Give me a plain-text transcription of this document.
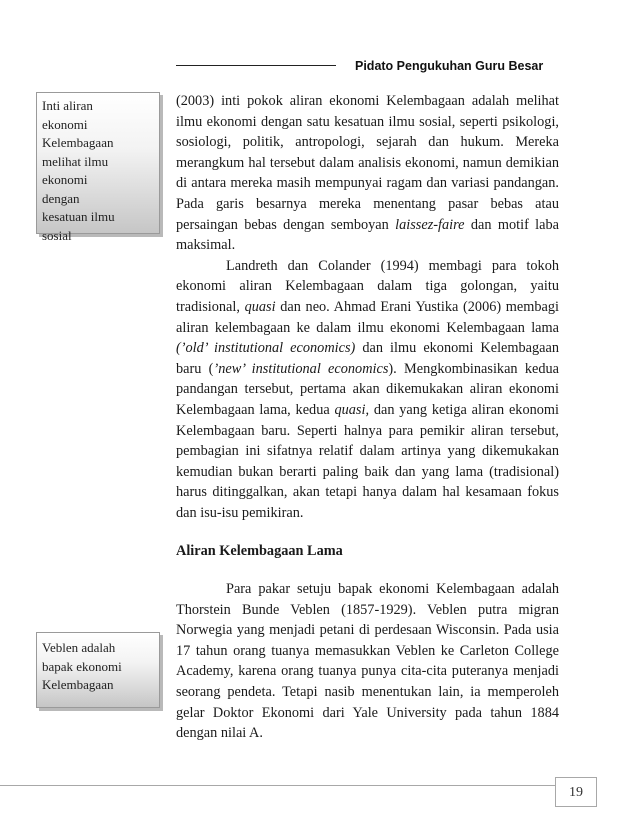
Pidato Pengukuhan Guru Besar
Inti aliran
ekonomi
Kelembagaan
melihat ilmu
ekonomi
dengan
kesatuan ilmu
sosial
Veblen adalah
bapak ekonomi
Kelembagaan

(2003) inti pokok aliran ekonomi Kelembagaan adalah melihat ilmu ekonomi dengan satu kesatuan ilmu sosial, seperti psikologi, sosiologi, politik, antropologi, sejarah dan hukum. Mereka merangkum hal tersebut dalam analisis ekonomi, namun demikian di antara mereka masih mempunyai ragam dan variasi pandangan. Pada garis besarnya mereka menentang pasar bebas atau persaingan bebas dengan semboyan laissez-faire dan motif laba maksimal.

Landreth dan Colander (1994) membagi para tokoh ekonomi aliran Kelembagaan dalam tiga golongan, yaitu tradisional, quasi dan neo. Ahmad Erani Yustika (2006) membagi aliran kelembagaan ke dalam ilmu ekonomi Kelembagaan lama (’old’ institutional economics) dan ilmu ekonomi Kelembagaan baru (’new’ institutional economics). Mengkombinasikan kedua pandangan tersebut, pertama akan dikemukakan aliran ekonomi Kelembagaan lama, kedua quasi, dan yang ketiga aliran ekonomi Kelembagaan baru. Seperti halnya para pemikir aliran tersebut, pembagian ini sifatnya relatif dalam artinya yang dikemukakan kemudian bukan berarti paling baik dan yang lama (tradisional) harus ditinggalkan, akan tetapi hanya dalam hal kesamaan fokus dan isu-isu pemikiran.

Aliran Kelembagaan Lama

Para pakar setuju bapak ekonomi Kelembagaan adalah Thorstein Bunde Veblen (1857-1929). Veblen putra migran Norwegia yang menjadi petani di perdesaan Wisconsin. Pada usia 17 tahun orang tuanya memasukkan Veblen ke Carleton College Academy, karena orang tuanya punya cita-cita puteranya menjadi seorang pendeta. Tetapi nasib menentukan lain, ia memperoleh gelar Doktor Ekonomi dari Yale University pada tahun 1884 dengan nilai A.

19
